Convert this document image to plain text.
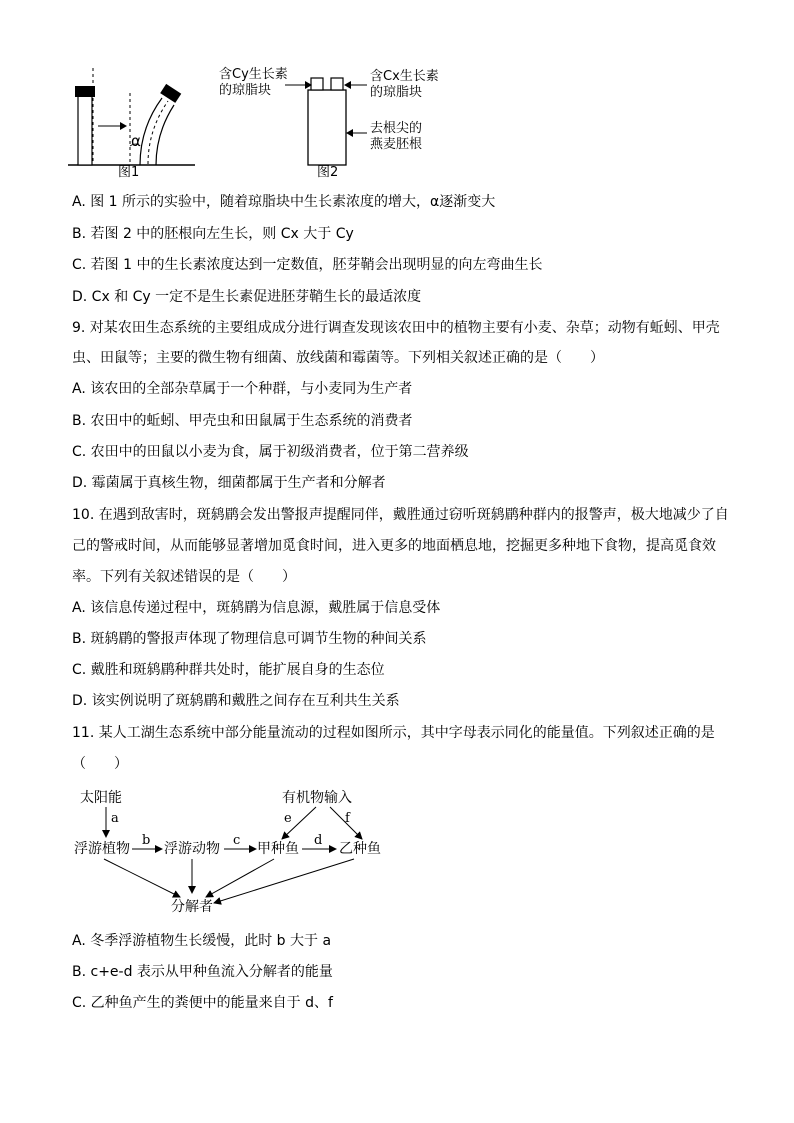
α
图1	图2
含Cy生长素
的琼脂块
含Cx生长素
的琼脂块
去根尖的
燕麦胚根
A. 图 1 所示的实验中，随着琼脂块中生长素浓度的增大，α逐渐变大
B. 若图 2 中的胚根向左生长，则 Cx 大于 Cy
C. 若图 1 中的生长素浓度达到一定数值，胚芽鞘会出现明显的向左弯曲生长
D. Cx 和 Cy 一定不是生长素促进胚芽鞘生长的最适浓度
9. 对某农田生态系统的主要组成成分进行调查发现该农田中的植物主要有小麦、杂草；动物有蚯蚓、甲壳
虫、田鼠等；主要的微生物有细菌、放线菌和霉菌等。下列相关叙述正确的是（　　）
A. 该农田的全部杂草属于一个种群，与小麦同为生产者
B. 农田中的蚯蚓、甲壳虫和田鼠属于生态系统的消费者
C. 农田中的田鼠以小麦为食，属于初级消费者，位于第二营养级
D. 霉菌属于真核生物，细菌都属于生产者和分解者
10. 在遇到敌害时，斑鸫鹛会发出警报声提醒同伴，戴胜通过窃听斑鸫鹛种群内的报警声，极大地减少了自
己的警戒时间，从而能够显著增加觅食时间，进入更多的地面栖息地，挖掘更多种地下食物，提高觅食效
率。下列有关叙述错误的是（　　）
A. 该信息传递过程中，斑鸫鹛为信息源，戴胜属于信息受体
B. 斑鸫鹛的警报声体现了物理信息可调节生物的种间关系
C. 戴胜和斑鸫鹛种群共处时，能扩展自身的生态位
D. 该实例说明了斑鸫鹛和戴胜之间存在互利共生关系
11. 某人工湖生态系统中部分能量流动的过程如图所示，其中字母表示同化的能量值。下列叙述正确的是
（　　）
太阳能	有机物输入
浮游植物 浮游动物	甲种鱼	乙种鱼
分解者
a
b	c	d
e	f
A. 冬季浮游植物生长缓慢，此时 b 大于 a
B. c+e-d 表示从甲种鱼流入分解者的能量
C. 乙种鱼产生的粪便中的能量来自于 d、f
